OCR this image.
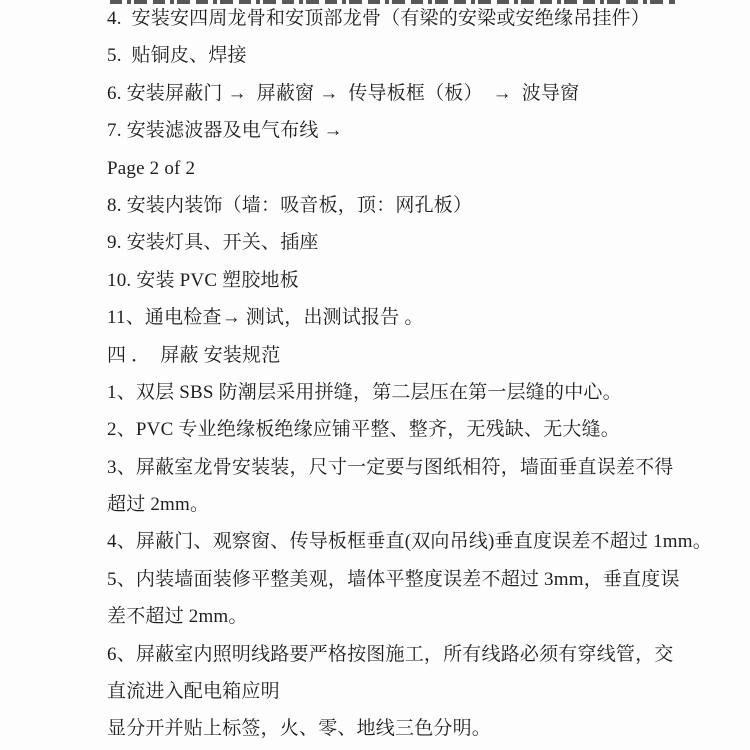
4.  安装安四周龙骨和安顶部龙骨（有梁的安梁或安绝缘吊挂件）

5.  贴铜皮、焊接

6. 安装屏蔽门 →  屏蔽窗 →  传导板框（板）  →  波导窗

7. 安装滤波器及电气布线 →

Page 2 of 2

8. 安装内装饰（墙：吸音板，顶：网孔板）

9. 安装灯具、开关、插座

10. 安装 PVC 塑胶地板

11、通电检查→ 测试，出测试报告 。

四 ．  屏蔽 安装规范

1、双层 SBS 防潮层采用拼缝，第二层压在第一层缝的中心。

2、PVC 专业绝缘板绝缘应铺平整、整齐，无残缺、无大缝。

3、屏蔽室龙骨安装装，尺寸一定要与图纸相符，墙面垂直误差不得

超过 2mm。

4、屏蔽门、观察窗、传导板框垂直(双向吊线)垂直度误差不超过 1mm。

5、内装墙面装修平整美观，墙体平整度误差不超过 3mm，垂直度误

差不超过 2mm。

6、屏蔽室内照明线路要严格按图施工，所有线路必须有穿线管，交

直流进入配电箱应明

显分开并贴上标签，火、零、地线三色分明。
